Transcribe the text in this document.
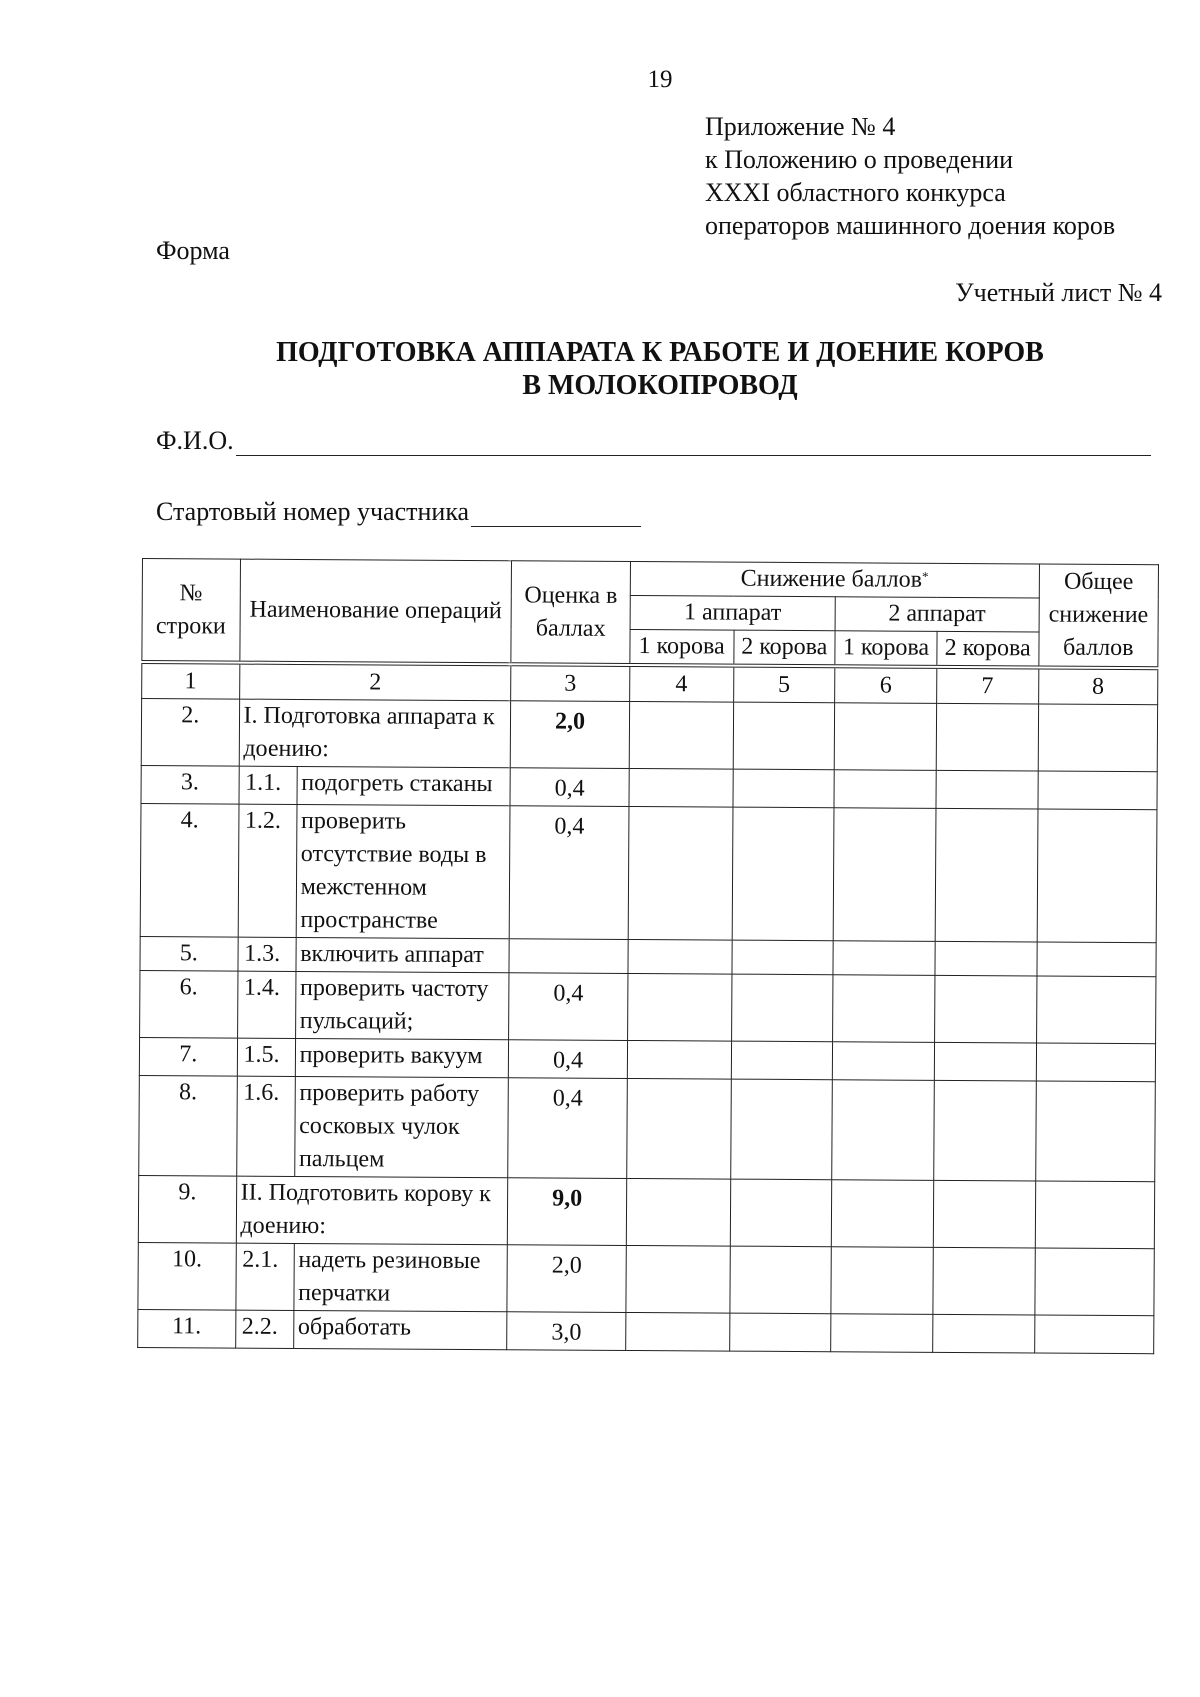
19
Приложение № 4
к Положению о проведении
XXXI областного конкурса
операторов машинного доения коров
Форма
Учетный лист № 4
ПОДГОТОВКА АППАРАТА К РАБОТЕ И ДОЕНИЕ КОРОВ
В МОЛОКОПРОВОД
Ф.И.О.
Стартовый номер участника
№ строки	Наименование операций		Оценка в баллах	Снижение баллов*				Общее снижение баллов
				1 аппарат		2 аппарат		
				1 корова	2 корова	1 корова	2 корова	
1	2		3	4	5	6	7	8
2.	I. Подготовка аппарата к доению:		2,0					
3.	1.1.	подогреть стаканы	0,4					
4.	1.2.	проверить отсутствие воды в межстенном пространстве	0,4					
5.	1.3.	включить аппарат						
6.	1.4.	проверить частоту пульсаций;	0,4					
7.	1.5.	проверить вакуум	0,4					
8.	1.6.	проверить работу сосковых чулок пальцем	0,4					
9.	II. Подготовить корову к доению:		9,0					
10.	2.1.	надеть резиновые перчатки	2,0					
11.	2.2.	обработать	3,0					
